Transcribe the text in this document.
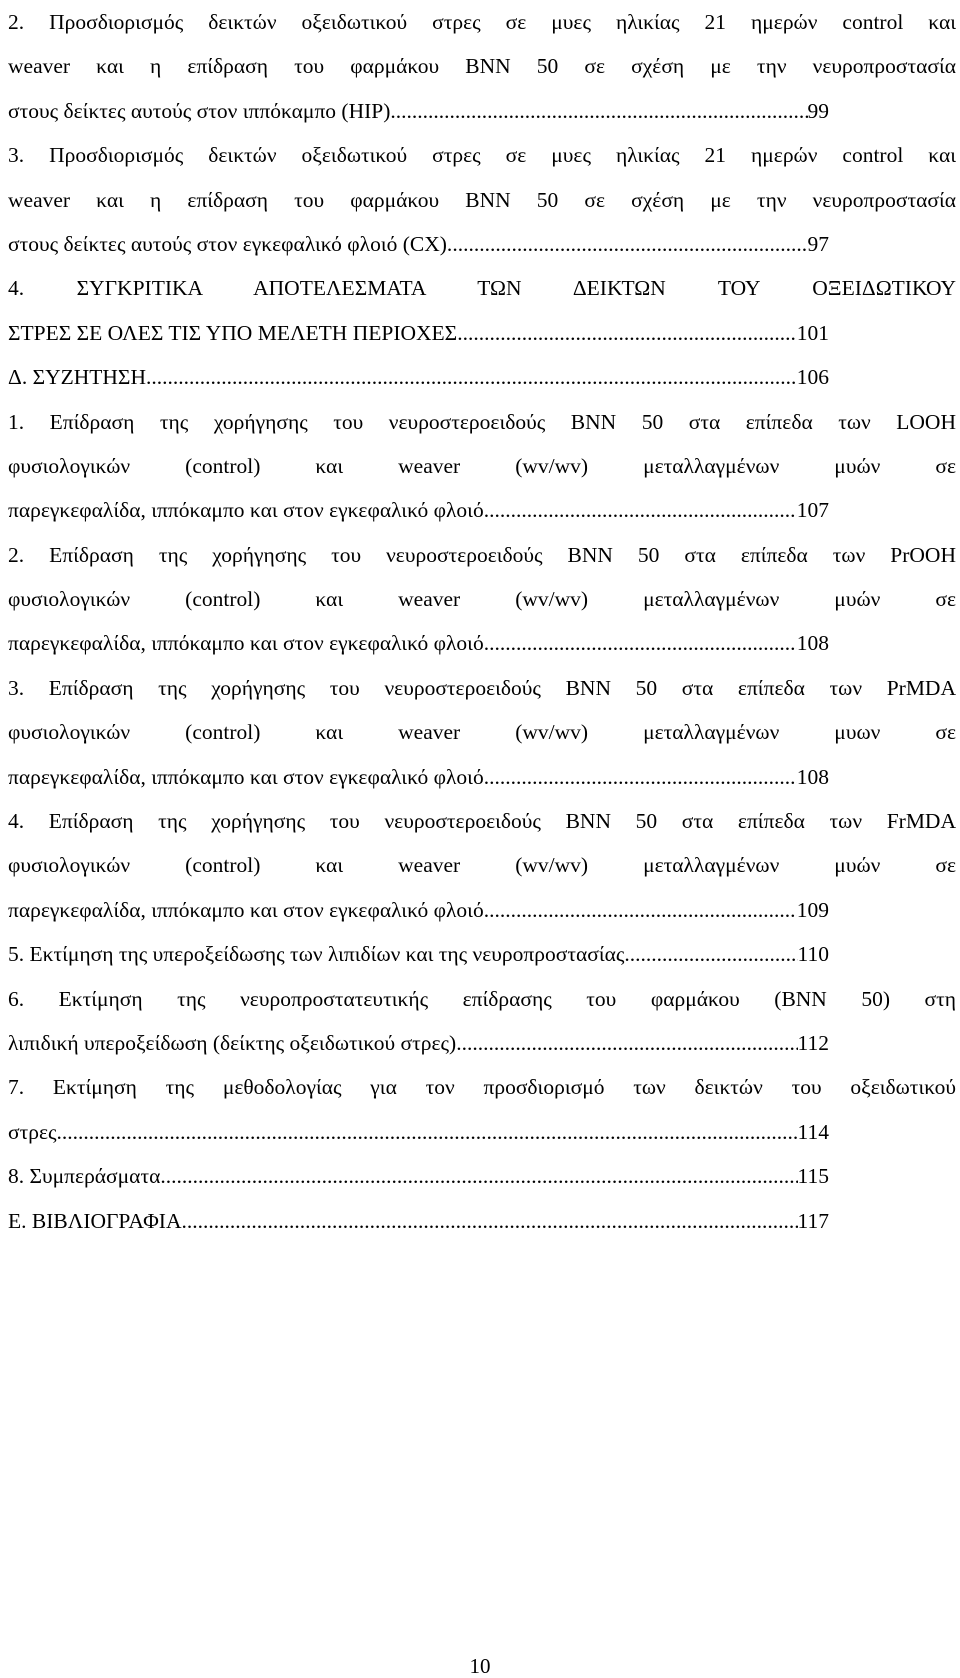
2. Προσδιορισμός δεικτών οξειδωτικού στρες σε μυες ηλικίας 21 ημερών control και
weaver και η επίδραση του φαρμάκου BNN 50 σε σχέση με την νευροπροστασία
στους δείκτες αυτούς στον ιππόκαμπο (HIP). .....	99
3. Προσδιορισμός δεικτών οξειδωτικού στρες σε μυες ηλικίας 21 ημερών control και
weaver και η επίδραση του φαρμάκου BNN 50 σε σχέση με την νευροπροστασία
στους δείκτες αυτούς στον εγκεφαλικό φλοιό (CX). .....	97
4. ΣΥΓΚΡΙΤΙΚΑ ΑΠΟΤΕΛΕΣΜΑΤΑ ΤΩΝ ΔΕΙΚΤΩΝ ΤΟΥ ΟΞΕΙΔΩΤΙΚΟΥ
ΣΤΡΕΣ ΣΕ ΟΛΕΣ ΤΙΣ ΥΠΟ ΜΕΛΕΤΗ ΠΕΡΙΟΧΕΣ .....	101
Δ. ΣΥΖΗΤΗΣΗ .....	106
1. Επίδραση της χορήγησης του νευροστεροειδούς BNN 50 στα επίπεδα των LOOH
φυσιολογικών (control) και weaver (wv/wv) μεταλλαγμένων μυών σε
παρεγκεφαλίδα, ιππόκαμπο και στον εγκεφαλικό φλοιό. .....	107
2. Επίδραση της χορήγησης του νευροστεροειδούς BNN 50 στα επίπεδα των PrOOH
φυσιολογικών (control) και weaver (wv/wv) μεταλλαγμένων μυών σε
παρεγκεφαλίδα, ιππόκαμπο και στον εγκεφαλικό φλοιό. .....	108
3. Επίδραση της χορήγησης του νευροστεροειδούς BNN 50 στα επίπεδα των PrMDA
φυσιολογικών (control) και weaver (wv/wv) μεταλλαγμένων μυων σε
παρεγκεφαλίδα, ιππόκαμπο και στον εγκεφαλικό φλοιό. .....	108
4. Επίδραση της χορήγησης του νευροστεροειδούς BNN 50 στα επίπεδα των FrMDA
φυσιολογικών (control) και weaver (wv/wv) μεταλλαγμένων μυών σε
παρεγκεφαλίδα, ιππόκαμπο και στον εγκεφαλικό φλοιό. .....	109
5. Εκτίμηση της υπεροξείδωσης των λιπιδίων και της νευροπροστασίας. .....	110
6. Εκτίμηση της νευροπροστατευτικής επίδρασης του φαρμάκου (BNN 50) στη
λιπιδική υπεροξείδωση (δείκτης οξειδωτικού στρες). .....	112
7. Εκτίμηση της μεθοδολογίας για τον προσδιορισμό των δεικτών του οξειδωτικού
στρες. .....	114
8. Συμπεράσματα .....	115
Ε. ΒΙΒΛΙΟΓΡΑΦΙΑ .....	117
10
